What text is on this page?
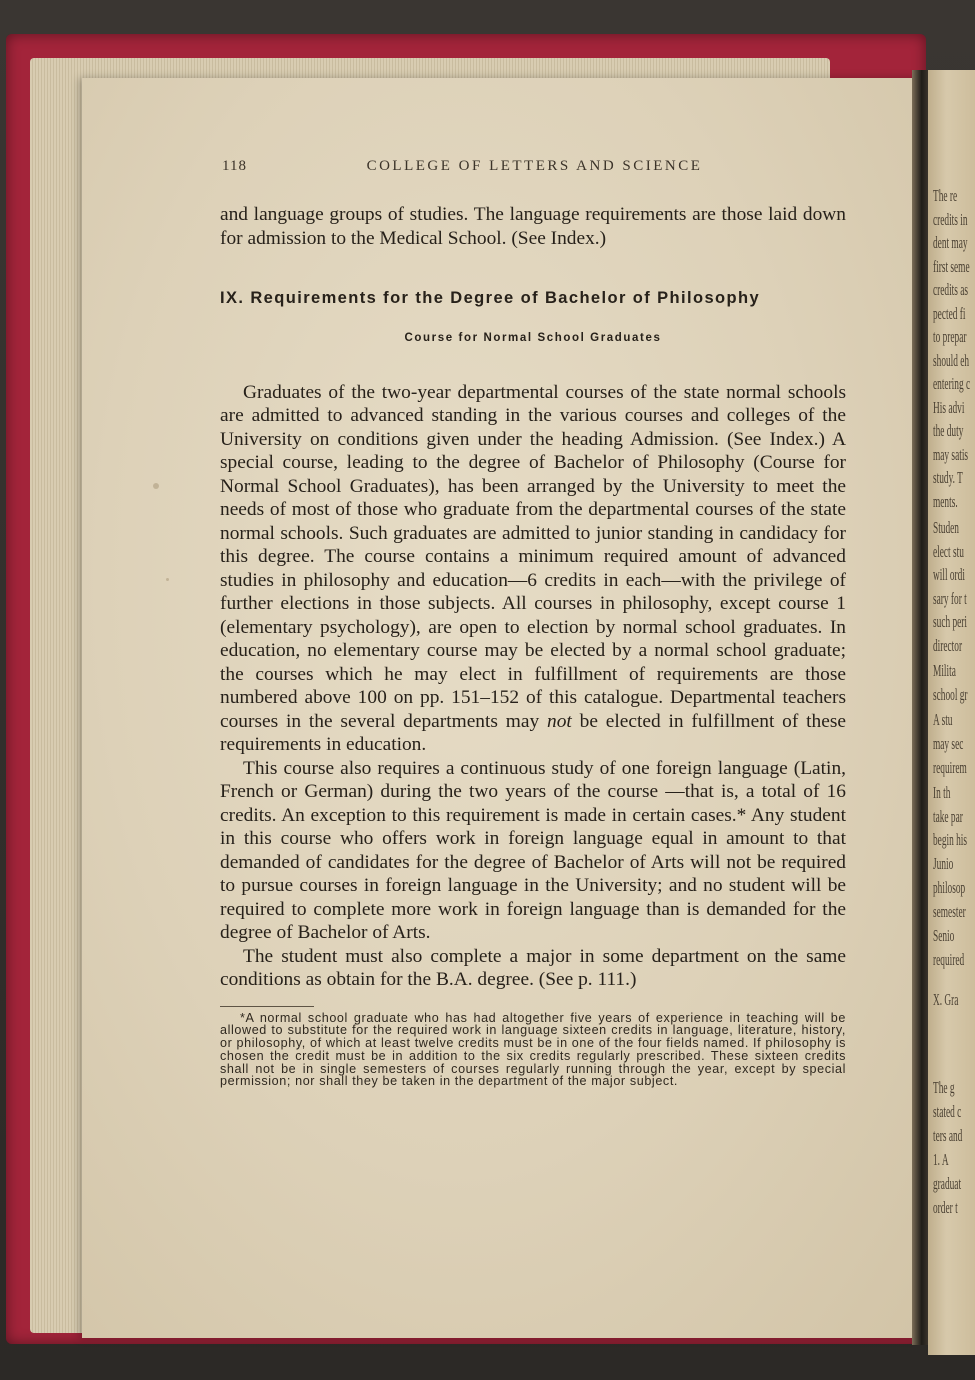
The re
credits in
dent may
first seme
credits as
pected fi
to prepar
should eh
entering c
His advi
the duty
may satis
study. T
ments.
Studen
elect stu
will ordi
sary for t
such peri
director
Milita
school gr
A stu
may sec
requirem
In th
take par
begin his
Junio
philosop
semester
Senio
required
X. Gra
The g
stated c
ters and
1. A
graduat
order t
118	COLLEGE OF LETTERS AND SCIENCE

and language groups of studies. The language requirements are those laid down for admission to the Medical School. (See Index.)

IX. Requirements for the Degree of Bachelor of Philosophy
Course for Normal School Graduates

Graduates of the two-year departmental courses of the state normal schools are admitted to advanced standing in the various courses and colleges of the University on conditions given under the heading Admission. (See Index.) A special course, leading to the degree of Bachelor of Philosophy (Course for Normal School Graduates), has been arranged by the University to meet the needs of most of those who graduate from the departmental courses of the state normal schools. Such graduates are admitted to junior standing in candidacy for this degree. The course contains a minimum required amount of advanced studies in philosophy and education—6 credits in each—with the privilege of further elections in those subjects. All courses in philosophy, except course 1 (elementary psychology), are open to election by normal school graduates. In education, no elementary course may be elected by a normal school graduate; the courses which he may elect in fulfillment of requirements are those numbered above 100 on pp. 151–152 of this catalogue. Departmental teachers courses in the several departments may not be elected in fulfillment of these requirements in education.

This course also requires a continuous study of one foreign language (Latin, French or German) during the two years of the course —that is, a total of 16 credits. An exception to this requirement is made in certain cases.* Any student in this course who offers work in foreign language equal in amount to that demanded of candidates for the degree of Bachelor of Arts will not be required to pursue courses in foreign language in the University; and no student will be required to complete more work in foreign language than is demanded for the degree of Bachelor of Arts.

The student must also complete a major in some department on the same conditions as obtain for the B.A. degree. (See p. 111.)

*A normal school graduate who has had altogether five years of experience in teaching will be allowed to substitute for the required work in language sixteen credits in language, literature, history, or philosophy, of which at least twelve credits must be in one of the four fields named. If philosophy is chosen the credit must be in addition to the six credits regularly prescribed. These sixteen credits shall not be in single semesters of courses regularly running through the year, except by special permission; nor shall they be taken in the department of the major subject.
